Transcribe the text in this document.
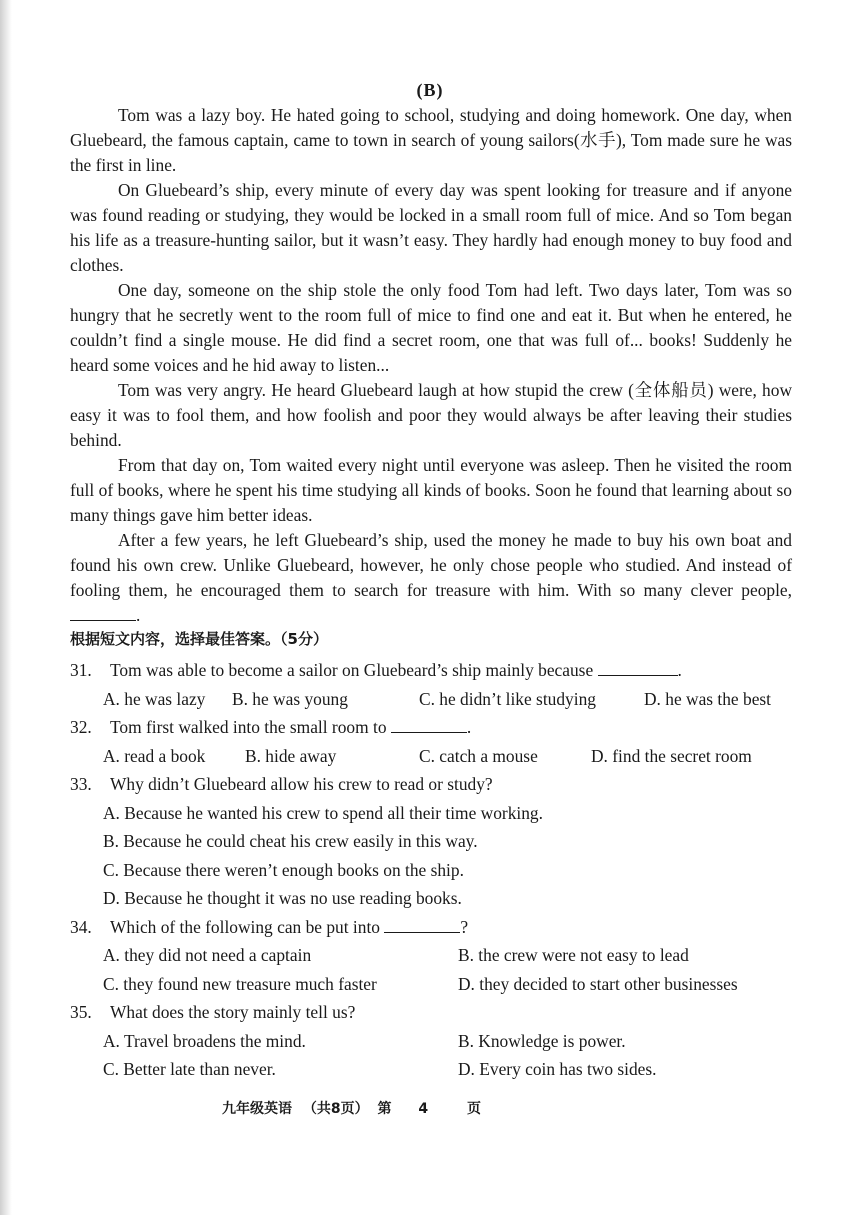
(B)

Tom was a lazy boy. He hated going to school, studying and doing homework. One day, when Gluebeard, the famous captain, came to town in search of young sailors(水手), Tom made sure he was the first in line.

On Gluebeard’s ship, every minute of every day was spent looking for treasure and if anyone was found reading or studying, they would be locked in a small room full of mice. And so Tom began his life as a treasure-hunting sailor, but it wasn’t easy. They hardly had enough money to buy food and clothes.

One day, someone on the ship stole the only food Tom had left. Two days later, Tom was so hungry that he secretly went to the room full of mice to find one and eat it. But when he entered, he couldn’t find a single mouse. He did find a secret room, one that was full of... books! Suddenly he heard some voices and he hid away to listen...

Tom was very angry. He heard Gluebeard laugh at how stupid the crew (全体船员) were, how easy it was to fool them, and how foolish and poor they would always be after leaving their studies behind.

From that day on, Tom waited every night until everyone was asleep. Then he visited the room full of books, where he spent his time studying all kinds of books. Soon he found that learning about so many things gave him better ideas.

After a few years, he left Gluebeard’s ship, used the money he made to buy his own boat and found his own crew. Unlike Gluebeard, however, he only chose people who studied. And instead of fooling them, he encouraged them to search for treasure with him. With so many clever people, .

根据短文内容，选择最佳答案。（5分）
31. Tom was able to become a sailor on Gluebeard’s ship mainly because	.
A. he was lazy B. he was young	C. he didn’t like studying	D. he was the best
32. Tom first walked into the small room to	.
A. read a book B. hide away	C. catch a mouse	D. find the secret room
33. Why didn’t Gluebeard allow his crew to read or study?
A. Because he wanted his crew to spend all their time working.
B. Because he could cheat his crew easily in this way.
C. Because there weren’t enough books on the ship.
D. Because he thought it was no use reading books.
34. Which of the following can be put into	?
A. they did not need a captain	B. the crew were not easy to lead
C. they found new treasure much faster	D. they decided to start other businesses
35. What does the story mainly tell us?
A. Travel broadens the mind.	B. Knowledge is power.
C. Better late than never.	D. Every coin has two sides.
九年级英语 （共8页） 第 4	页
